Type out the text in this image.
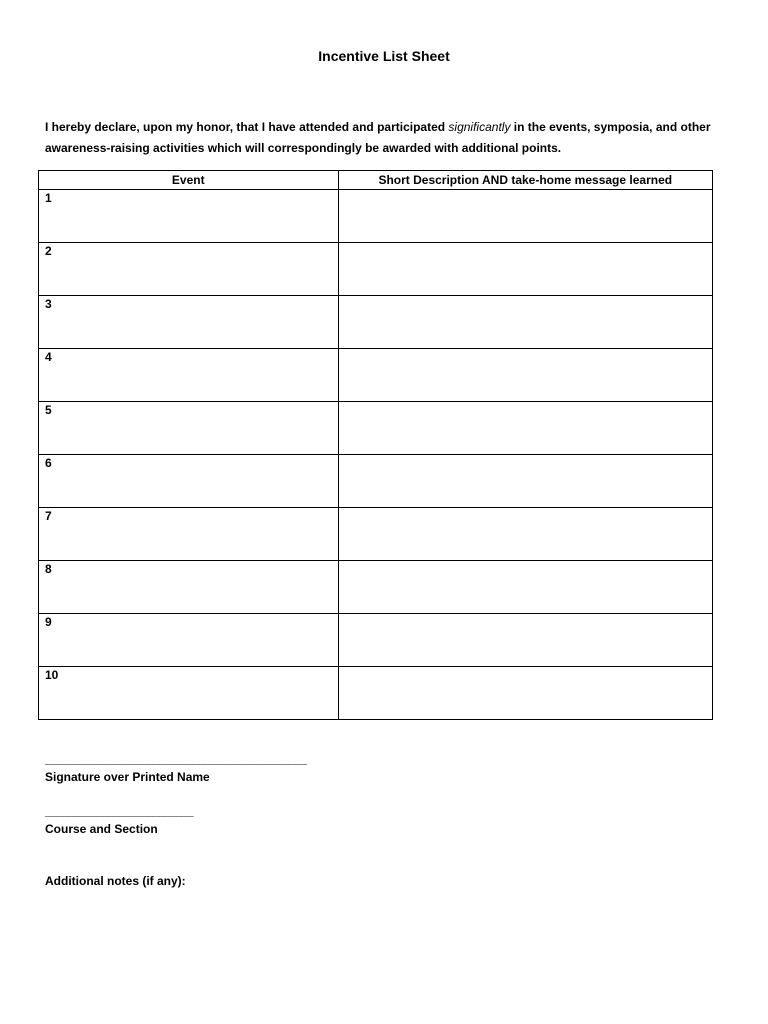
Incentive List Sheet
I hereby declare, upon my honor, that I have attended and participated significantly in the events, symposia, and other awareness-raising activities which will correspondingly be awarded with additional points.
Event	Short Description AND take-home message learned
1	
2	
3	
4	
5	
6	
7	
8	
9	
10	
______________________________________________
Signature over Printed Name
__________________________
Course and Section
Additional notes (if any):
